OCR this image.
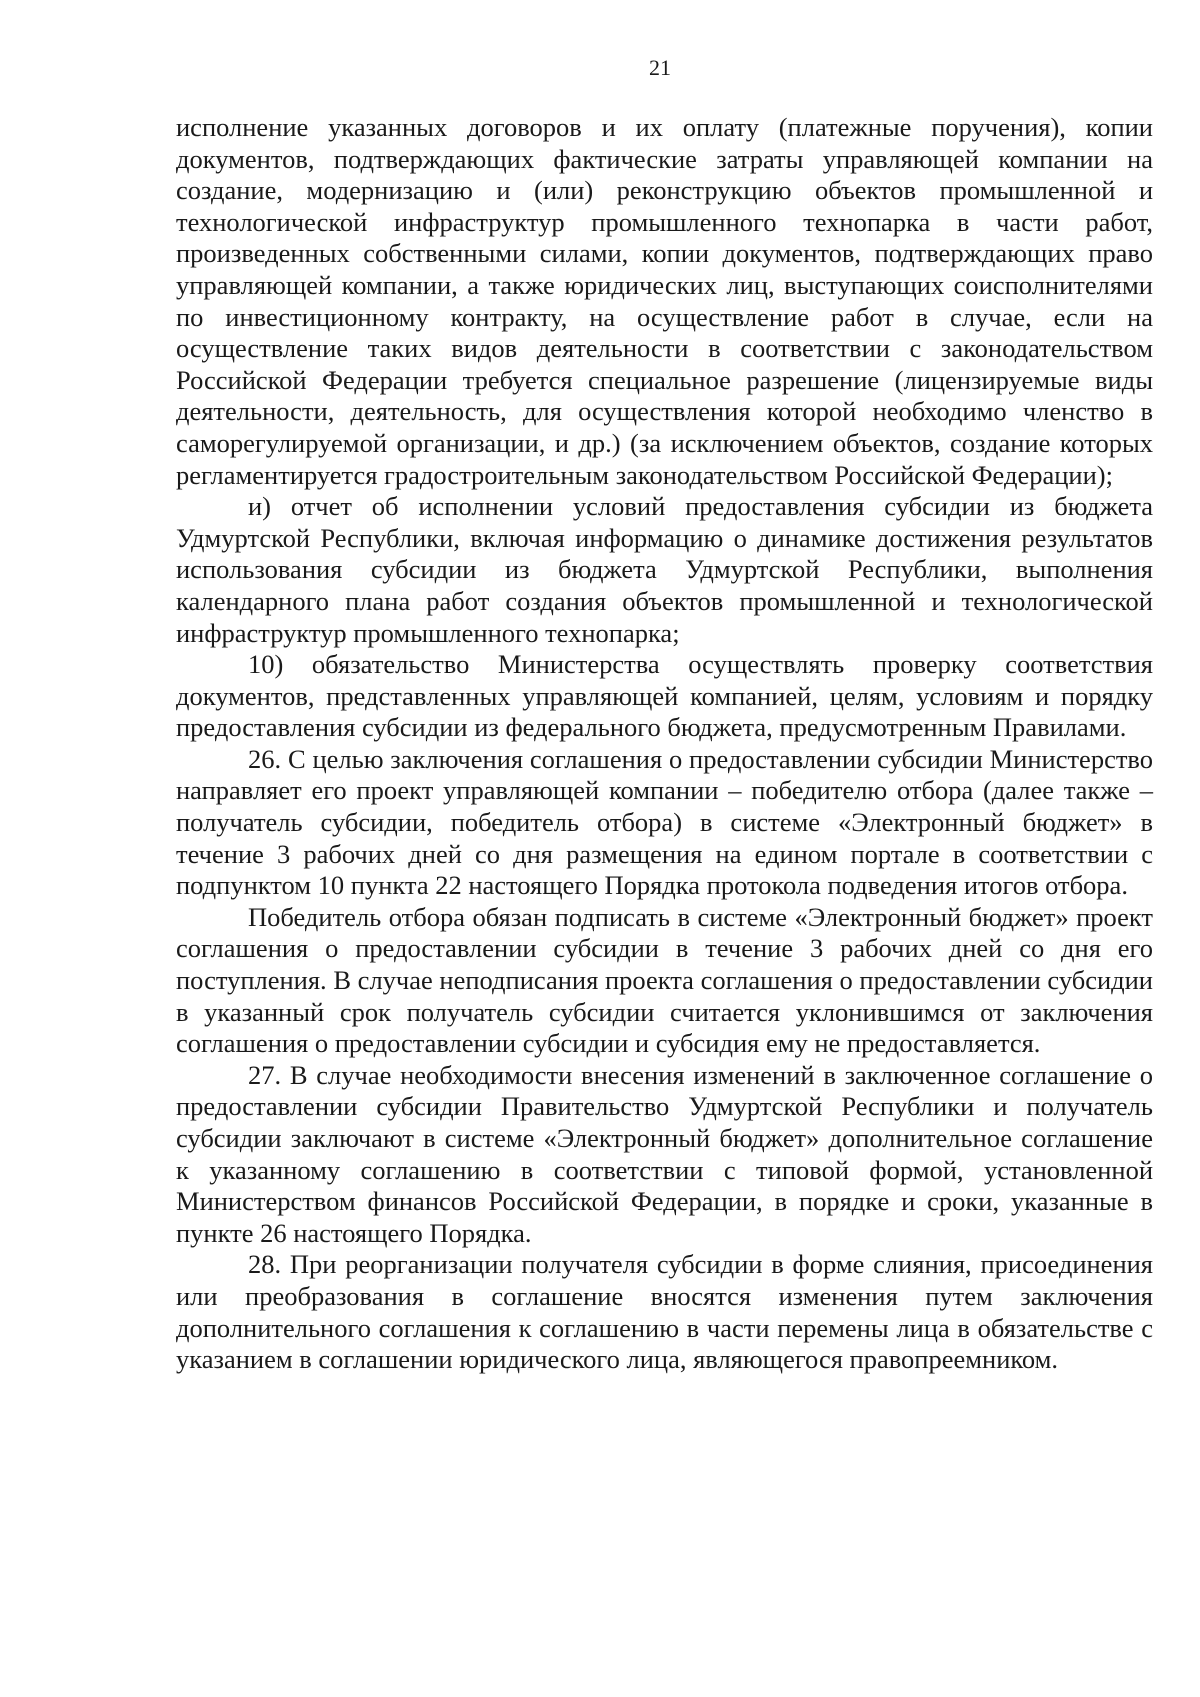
21

исполнение указанных договоров и их оплату (платежные поручения), копии документов, подтверждающих фактические затраты управляющей компании на создание, модернизацию и (или) реконструкцию объектов промышленной и технологической инфраструктур промышленного технопарка в части работ, произведенных собственными силами, копии документов, подтверждающих право управляющей компании, а также юридических лиц, выступающих соисполнителями по инвестиционному контракту, на осуществление работ в случае, если на осуществление таких видов деятельности в соответствии с законодательством Российской Федерации требуется специальное разрешение (лицензируемые виды деятельности, деятельность, для осуществления которой необходимо членство в саморегулируемой организации, и др.) (за исключением объектов, создание которых регламентируется градостроительным законодательством Российской Федерации);

и) отчет об исполнении условий предоставления субсидии из бюджета Удмуртской Республики, включая информацию о динамике достижения результатов использования субсидии из бюджета Удмуртской Республики, выполнения календарного плана работ создания объектов промышленной и технологической инфраструктур промышленного технопарка;

10) обязательство Министерства осуществлять проверку соответствия документов, представленных управляющей компанией, целям, условиям и порядку предоставления субсидии из федерального бюджета, предусмотренным Правилами.

26. С целью заключения соглашения о предоставлении субсидии Министерство направляет его проект управляющей компании – победителю отбора (далее также – получатель субсидии, победитель отбора) в системе «Электронный бюджет» в течение 3 рабочих дней со дня размещения на едином портале в соответствии с подпунктом 10 пункта 22 настоящего Порядка протокола подведения итогов отбора.

Победитель отбора обязан подписать в системе «Электронный бюджет» проект соглашения о предоставлении субсидии в течение 3 рабочих дней со дня его поступления. В случае неподписания проекта соглашения о предоставлении субсидии в указанный срок получатель субсидии считается уклонившимся от заключения соглашения о предоставлении субсидии и субсидия ему не предоставляется.

27. В случае необходимости внесения изменений в заключенное соглашение о предоставлении субсидии Правительство Удмуртской Республики и получатель субсидии заключают в системе «Электронный бюджет» дополнительное соглашение к указанному соглашению в соответствии с типовой формой, установленной Министерством финансов Российской Федерации, в порядке и сроки, указанные в пункте 26 настоящего Порядка.

28. При реорганизации получателя субсидии в форме слияния, присоединения или преобразования в соглашение вносятся изменения путем заключения дополнительного соглашения к соглашению в части перемены лица в обязательстве с указанием в соглашении юридического лица, являющегося правопреемником.
